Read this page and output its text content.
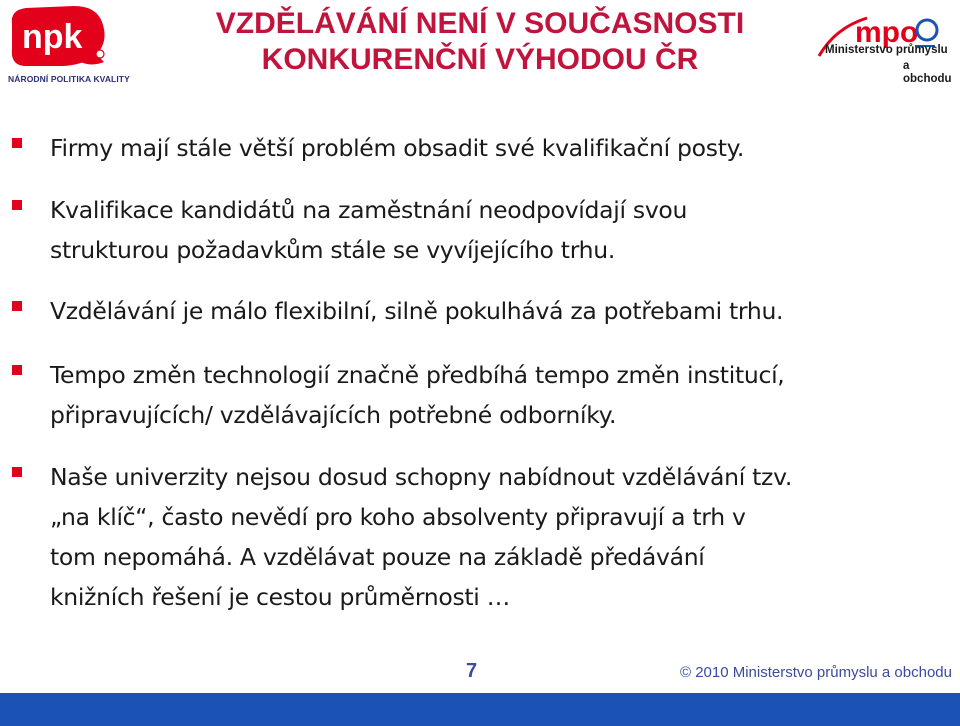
npk
NÁRODNÍ POLITIKA KVALITY
VZDĚLÁVÁNÍ NENÍ V SOUČASNOSTI
KONKURENČNÍ VÝHODOU ČR
mpo
Ministerstvo průmyslu
a obchodu
Firmy mají stále větší problém obsadit své kvalifikační posty.
Kvalifikace kandidátů na zaměstnání neodpovídají svou
strukturou požadavkům stále se vyvíjejícího trhu.
Vzdělávání je málo flexibilní, silně pokulhává za potřebami trhu.
Tempo změn technologií značně předbíhá tempo změn institucí,
připravujících/ vzdělávajících potřebné odborníky.
Naše univerzity nejsou dosud schopny nabídnout vzdělávání tzv.
„na klíč“, často nevědí pro koho absolventy připravují a trh v
tom nepomáhá. A vzdělávat pouze na základě předávání
knižních řešení je cestou průměrnosti …
7	© 2010 Ministerstvo průmyslu a obchodu
